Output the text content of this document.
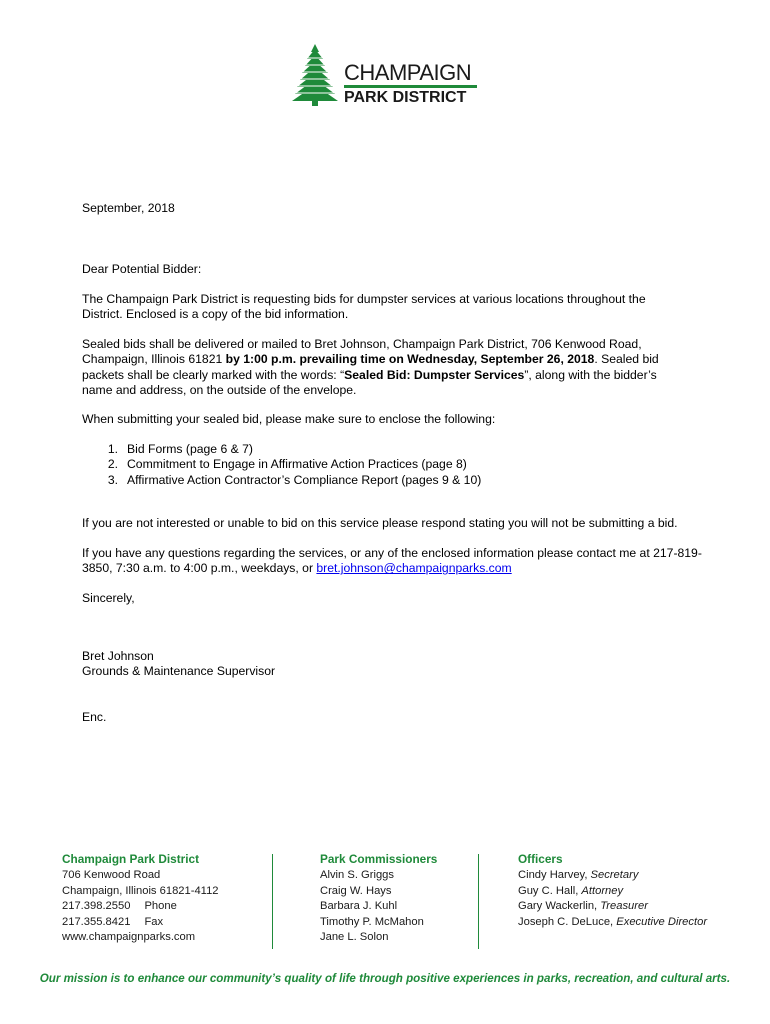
CHAMPAIGN
PARK DISTRICT

September, 2018

Dear Potential Bidder:

The Champaign Park District is requesting bids for dumpster services at various locations throughout the District. Enclosed is a copy of the bid information.

Sealed bids shall be delivered or mailed to Bret Johnson, Champaign Park District, 706 Kenwood Road, Champaign, Illinois 61821 by 1:00 p.m. prevailing time on Wednesday, September 26, 2018. Sealed bid packets shall be clearly marked with the words: “Sealed Bid: Dumpster Services”, along with the bidder’s name and address, on the outside of the envelope.

When submitting your sealed bid, please make sure to enclose the following:

1. Bid Forms (page 6 & 7)
2. Commitment to Engage in Affirmative Action Practices (page 8)
3. Affirmative Action Contractor’s Compliance Report (pages 9 & 10)

If you are not interested or unable to bid on this service please respond stating you will not be submitting a bid.

If you have any questions regarding the services, or any of the enclosed information please contact me at 217-819-3850, 7:30 a.m. to 4:00 p.m., weekdays, or bret.johnson@champaignparks.com

Sincerely,

Bret Johnson

Grounds & Maintenance Supervisor

Enc.

Champaign Park District
706 Kenwood Road
Champaign, Illinois 61821-4112
217.398.2550 Phone
217.355.8421 Fax
www.champaignparks.com
Park Commissioners
Alvin S. Griggs
Craig W. Hays
Barbara J. Kuhl
Timothy P. McMahon
Jane L. Solon
Officers
Cindy Harvey, Secretary
Guy C. Hall, Attorney
Gary Wackerlin, Treasurer
Joseph C. DeLuce, Executive Director
Our mission is to enhance our community’s quality of life through positive experiences in parks, recreation, and cultural arts.
